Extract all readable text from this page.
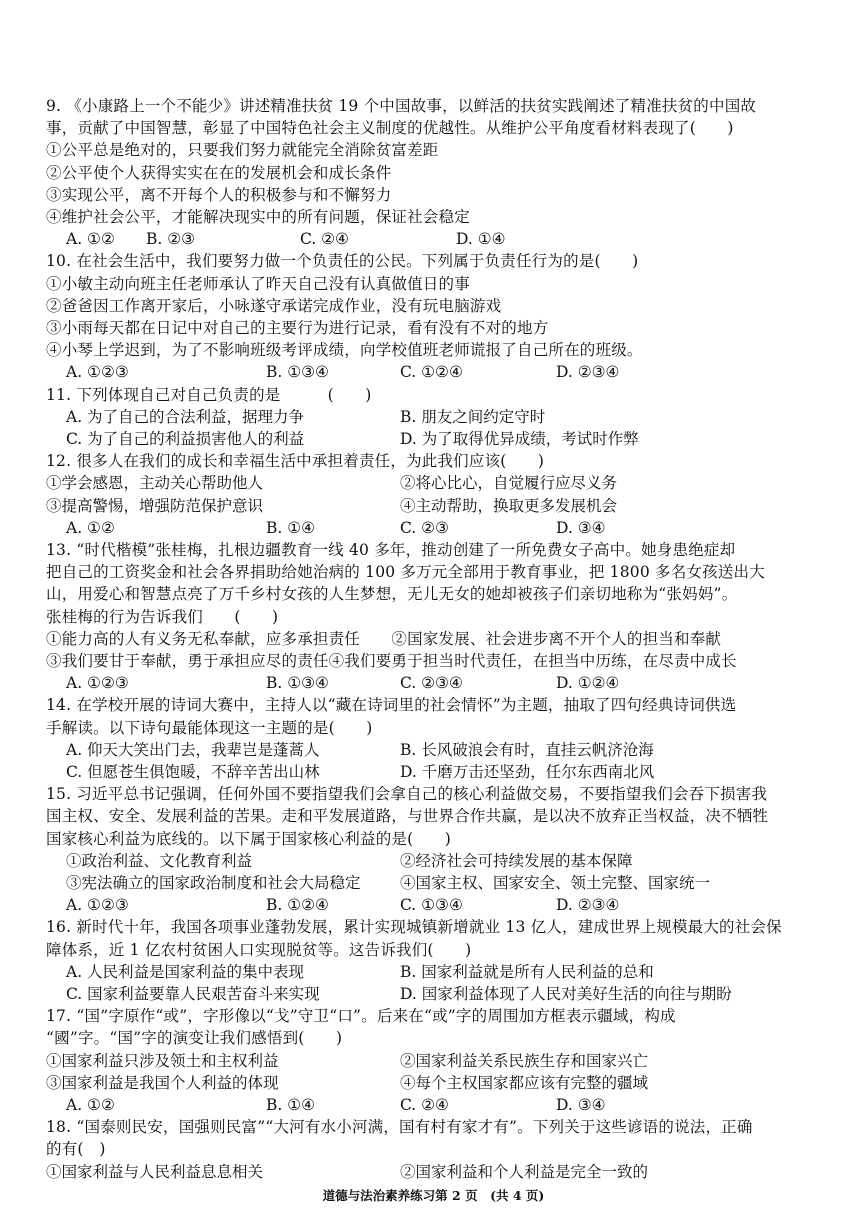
9. 《小康路上一个不能少》讲述精准扶贫 19 个中国故事，以鲜活的扶贫实践阐述了精准扶贫的中国故
事，贡献了中国智慧，彰显了中国特色社会主义制度的优越性。从维护公平角度看材料表现了(　　)
①公平总是绝对的，只要我们努力就能完全消除贫富差距
②公平使个人获得实实在在的发展机会和成长条件
③实现公平，离不开每个人的积极参与和不懈努力
④维护社会公平，才能解决现实中的所有问题，保证社会稳定
A. ①② B. ②③	C. ②④	D. ①④
10. 在社会生活中，我们要努力做一个负责任的公民。下列属于负责任行为的是(　　)
①小敏主动向班主任老师承认了昨天自己没有认真做值日的事
②爸爸因工作离开家后，小咏遂守承诺完成作业，没有玩电脑游戏
③小雨每天都在日记中对自己的主要行为进行记录，看有没有不对的地方
④小琴上学迟到，为了不影响班级考评成绩，向学校值班老师谎报了自己所在的班级。
A. ①②③	B. ①③④	C. ①②④	D. ②③④
11. 下列体现自己对自己负责的是　　　(　　)
A. 为了自己的合法利益，据理力争	B. 朋友之间约定守时
C. 为了自己的利益损害他人的利益	D. 为了取得优异成绩，考试时作弊
12. 很多人在我们的成长和幸福生活中承担着责任，为此我们应该(　　)
①学会感恩，主动关心帮助他人	②将心比心，自觉履行应尽义务
③提高警惕，增强防范保护意识	④主动帮助，换取更多发展机会
A. ①②	B. ①④	C. ②③	D. ③④
13. “时代楷模”张桂梅，扎根边疆教育一线 40 多年，推动创建了一所免费女子高中。她身患绝症却
把自己的工资奖金和社会各界捐助给她治病的 100 多万元全部用于教育事业，把 1800 多名女孩送出大
山，用爱心和智慧点亮了万千乡村女孩的人生梦想，无儿无女的她却被孩子们亲切地称为“张妈妈”。
张桂梅的行为告诉我们　　(　　)
①能力高的人有义务无私奉献，应多承担责任　　②国家发展、社会进步离不开个人的担当和奉献
③我们要甘于奉献，勇于承担应尽的责任④我们要勇于担当时代责任，在担当中历练，在尽责中成长
A. ①②③	B. ①③④	C. ②③④	D. ①②④
14. 在学校开展的诗词大赛中，主持人以“藏在诗词里的社会情怀”为主题，抽取了四句经典诗词供选
手解读。以下诗句最能体现这一主题的是(　　)
A. 仰天大笑出门去，我辈岂是蓬蒿人	B. 长风破浪会有时，直挂云帆济沧海
C. 但愿苍生俱饱暖，不辞辛苦出山林	D. 千磨万击还坚劲，任尔东西南北风
15. 习近平总书记强调，任何外国不要指望我们会拿自己的核心利益做交易，不要指望我们会吞下损害我
国主权、安全、发展利益的苦果。走和平发展道路，与世界合作共赢，是以决不放弃正当权益，决不牺牲
国家核心利益为底线的。以下属于国家核心利益的是(　　)
①政治利益、文化教育利益	②经济社会可持续发展的基本保障
③宪法确立的国家政治制度和社会大局稳定	④国家主权、国家安全、领土完整、国家统一
A. ①②③	B. ①②④	C. ①③④	D. ②③④
16. 新时代十年，我国各项事业蓬勃发展，累计实现城镇新增就业 13 亿人，建成世界上规模最大的社会保
障体系，近 1 亿农村贫困人口实现脱贫等。这告诉我们(　　)
A. 人民利益是国家利益的集中表现	B. 国家利益就是所有人民利益的总和
C. 国家利益要靠人民艰苦奋斗来实现	D. 国家利益体现了人民对美好生活的向往与期盼
17. “国”字原作“或”，字形像以“戈”守卫“口”。后来在“或”字的周围加方框表示疆域，构成
“國”字。“国”字的演变让我们感悟到(　　)
①国家利益只涉及领土和主权利益	②国家利益关系民族生存和国家兴亡
③国家利益是我国个人利益的体现	④每个主权国家都应该有完整的疆域
A. ①②	B. ①④	C. ②④	D. ③④
18. “国泰则民安，国强则民富”“大河有水小河满，国有村有家才有”。下列关于这些谚语的说法，正确
的有(　)
①国家利益与人民利益息息相关	②国家利益和个人利益是完全一致的
道德与法治素养练习第 2 页　(共 4 页)
